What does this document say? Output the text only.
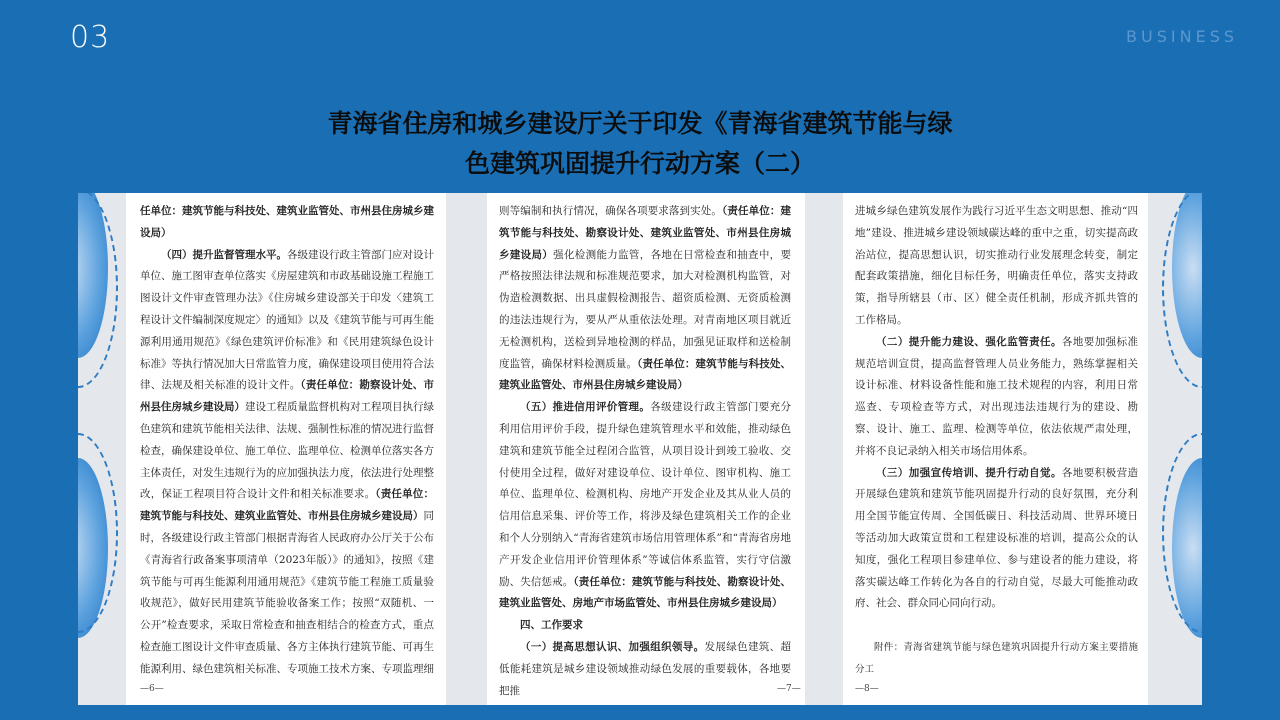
03	BUSINESS
青海省住房和城乡建设厅关于印发《青海省建筑节能与绿
色建筑巩固提升行动方案（二）

任单位：建筑节能与科技处、建筑业监管处、市州县住房城乡建设局）

（四）提升监督管理水平。各级建设行政主管部门应对设计单位、施工图审查单位落实《房屋建筑和市政基础设施工程施工图设计文件审查管理办法》《住房城乡建设部关于印发〈建筑工程设计文件编制深度规定〉的通知》以及《建筑节能与可再生能源利用通用规范》《绿色建筑评价标准》和《民用建筑绿色设计标准》等执行情况加大日常监管力度，确保建设项目使用符合法律、法规及相关标准的设计文件。（责任单位：勘察设计处、市州县住房城乡建设局）建设工程质量监督机构对工程项目执行绿色建筑和建筑节能相关法律、法规、强制性标准的情况进行监督检查，确保建设单位、施工单位、监理单位、检测单位落实各方主体责任，对发生违规行为的应加强执法力度，依法进行处理整改，保证工程项目符合设计文件和相关标准要求。（责任单位：建筑节能与科技处、建筑业监管处、市州县住房城乡建设局）同时，各级建设行政主管部门根据青海省人民政府办公厅关于公布《青海省行政备案事项清单（2023年版）》的通知》，按照《建筑节能与可再生能源利用通用规范》《建筑节能工程施工质量验收规范》，做好民用建筑节能验收备案工作；按照“双随机、一公开”检查要求，采取日常检查和抽查相结合的检查方式，重点检查施工图设计文件审查质量、各方主体执行建筑节能、可再生能源利用、绿色建筑相关标准、专项施工技术方案、专项监理细

—6—

则等编制和执行情况，确保各项要求落到实处。（责任单位：建筑节能与科技处、勘察设计处、建筑业监管处、市州县住房城乡建设局）强化检测能力监管，各地在日常检查和抽查中，要严格按照法律法规和标准规范要求，加大对检测机构监管，对伪造检测数据、出具虚假检测报告、超资质检测、无资质检测的违法违规行为，要从严从重依法处理。对青南地区项目就近无检测机构，送检到异地检测的样品，加强见证取样和送检制度监管，确保材料检测质量。（责任单位：建筑节能与科技处、建筑业监管处、市州县住房城乡建设局）

（五）推进信用评价管理。各级建设行政主管部门要充分利用信用评价手段，提升绿色建筑管理水平和效能，推动绿色建筑和建筑节能全过程闭合监管，从项目设计到竣工验收、交付使用全过程，做好对建设单位、设计单位、图审机构、施工单位、监理单位、检测机构、房地产开发企业及其从业人员的信用信息采集、评价等工作，将涉及绿色建筑相关工作的企业和个人分别纳入“青海省建筑市场信用管理体系”和“青海省房地产开发企业信用评价管理体系”等诚信体系监管，实行守信激励、失信惩戒。（责任单位：建筑节能与科技处、勘察设计处、建筑业监管处、房地产市场监管处、市州县住房城乡建设局）

四、工作要求

（一）提高思想认识、加强组织领导。发展绿色建筑、超低能耗建筑是城乡建设领域推动绿色发展的重要载体，各地要把推	—7—

进城乡绿色建筑发展作为践行习近平生态文明思想、推动“四地”建设、推进城乡建设领域碳达峰的重中之重，切实提高政治站位，提高思想认识，切实推动行业发展理念转变，制定配套政策措施，细化目标任务，明确责任单位，落实支持政策，指导所辖县（市、区）健全责任机制，形成齐抓共管的工作格局。

（二）提升能力建设、强化监管责任。各地要加强标准规范培训宣贯，提高监督管理人员业务能力，熟练掌握相关设计标准、材料设备性能和施工技术规程的内容，利用日常巡查、专项检查等方式，对出现违法违规行为的建设、勘察、设计、施工、监理、检测等单位，依法依规严肃处理，并将不良记录纳入相关市场信用体系。

（三）加强宣传培训、提升行动自觉。各地要积极营造开展绿色建筑和建筑节能巩固提升行动的良好氛围，充分利用全国节能宣传周、全国低碳日、科技活动周、世界环境日等活动加大政策宣贯和工程建设标准的培训，提高公众的认知度，强化工程项目参建单位、参与建设者的能力建设，将落实碳达峰工作转化为各自的行动自觉，尽最大可能推动政府、社会、群众同心同向行动。

附件：青海省建筑节能与绿色建筑巩固提升行动方案主要措施分工

—8—
